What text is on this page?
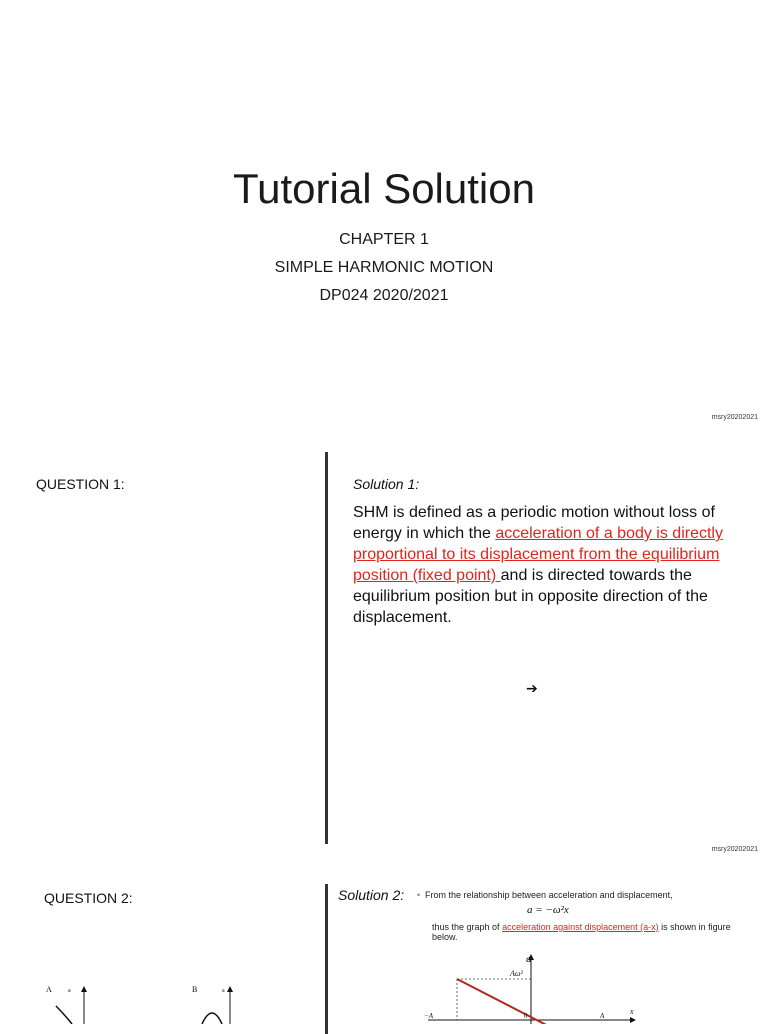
Tutorial Solution
CHAPTER 1
SIMPLE HARMONIC MOTION
DP024 2020/2021
msry20202021
QUESTION 1:	Solution 1:
SHM is defined as a periodic motion without loss of energy in which the acceleration of a body is directly proportional to its displacement from the equilibrium position (fixed point) and is directed towards the equilibrium position but in opposite direction of the displacement.
➔
msry20202021
QUESTION 2:	Solution 2: • From the relationship between acceleration and displacement,
a = −ω²x
thus the graph of acceleration against displacement (a-x) is shown in figure below.
a
Aω²
−A	0	A	x
A	a	B	a
